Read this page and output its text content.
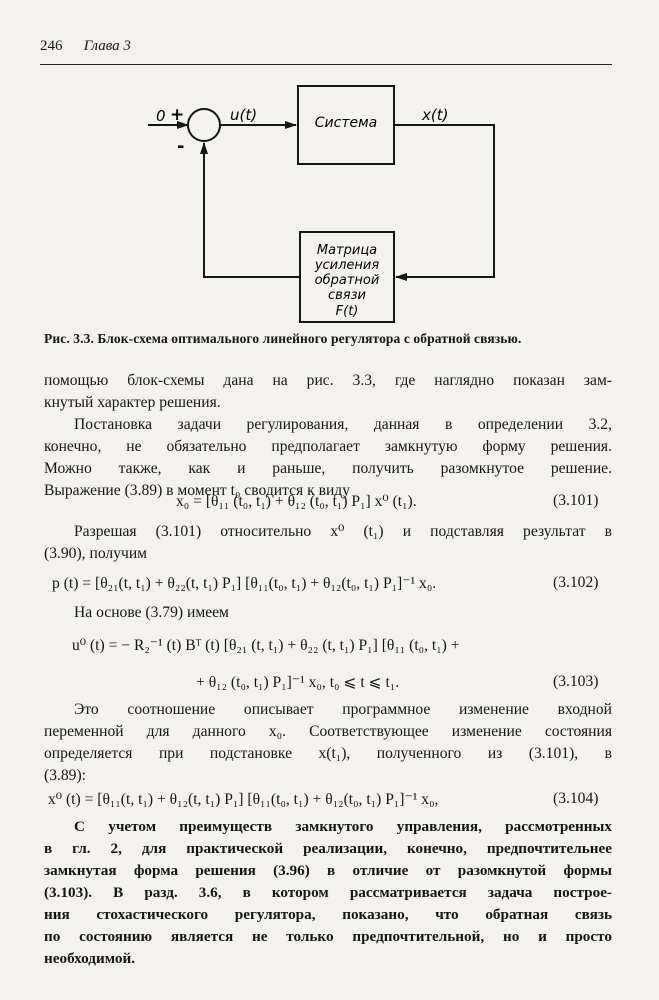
246 Глава 3
0 +
-
u(t)	x(t)
Система
Матрица
усиления
обратной
связи
F(t)
Рис. 3.3. Блок-схема оптимального линейного регулятора с обратной связью.
помощью блок-схемы дана на рис. 3.3, где наглядно показан зам-
кнутый характер решения.
Постановка задачи регулирования, данная в определении 3.2,
конечно, не обязательно предполагает замкнутую форму решения.
Можно также, как и раньше, получить разомкнутое решение.
Выражение (3.89) в момент t₀ сводится к виду
x₀ = [θ₁₁ (t₀, t₁) + θ₁₂ (t₀, t₁) P₁] x⁰ (t₁).	(3.101)
Разрешая (3.101) относительно x⁰ (t₁) и подставляя результат в
(3.90), получим
p (t) = [θ₂₁(t, t₁) + θ₂₂(t, t₁) P₁] [θ₁₁(t₀, t₁) + θ₁₂(t₀, t₁) P₁]⁻¹ x₀.	(3.102)
На основе (3.79) имеем
u⁰ (t) = − R₂⁻¹ (t) Bᵀ (t) [θ₂₁ (t, t₁) + θ₂₂ (t, t₁) P₁] [θ₁₁ (t₀, t₁) +
+ θ₁₂ (t₀, t₁) P₁]⁻¹ x₀, t₀ ⩽ t ⩽ t₁.	(3.103)
Это соотношение описывает программное изменение входной
переменной для данного x₀. Соответствующее изменение состояния
определяется при подстановке x(t₁), полученного из (3.101), в
(3.89):
x⁰ (t) = [θ₁₁(t, t₁) + θ₁₂(t, t₁) P₁] [θ₁₁(t₀, t₁) + θ₁₂(t₀, t₁) P₁]⁻¹ x₀,	(3.104)
С учетом преимуществ замкнутого управления, рассмотренных
в гл. 2, для практической реализации, конечно, предпочтительнее
замкнутая форма решения (3.96) в отличие от разомкнутой формы
(3.103). В разд. 3.6, в котором рассматривается задача построе-
ния стохастического регулятора, показано, что обратная связь
по состоянию является не только предпочтительной, но и просто
необходимой.
